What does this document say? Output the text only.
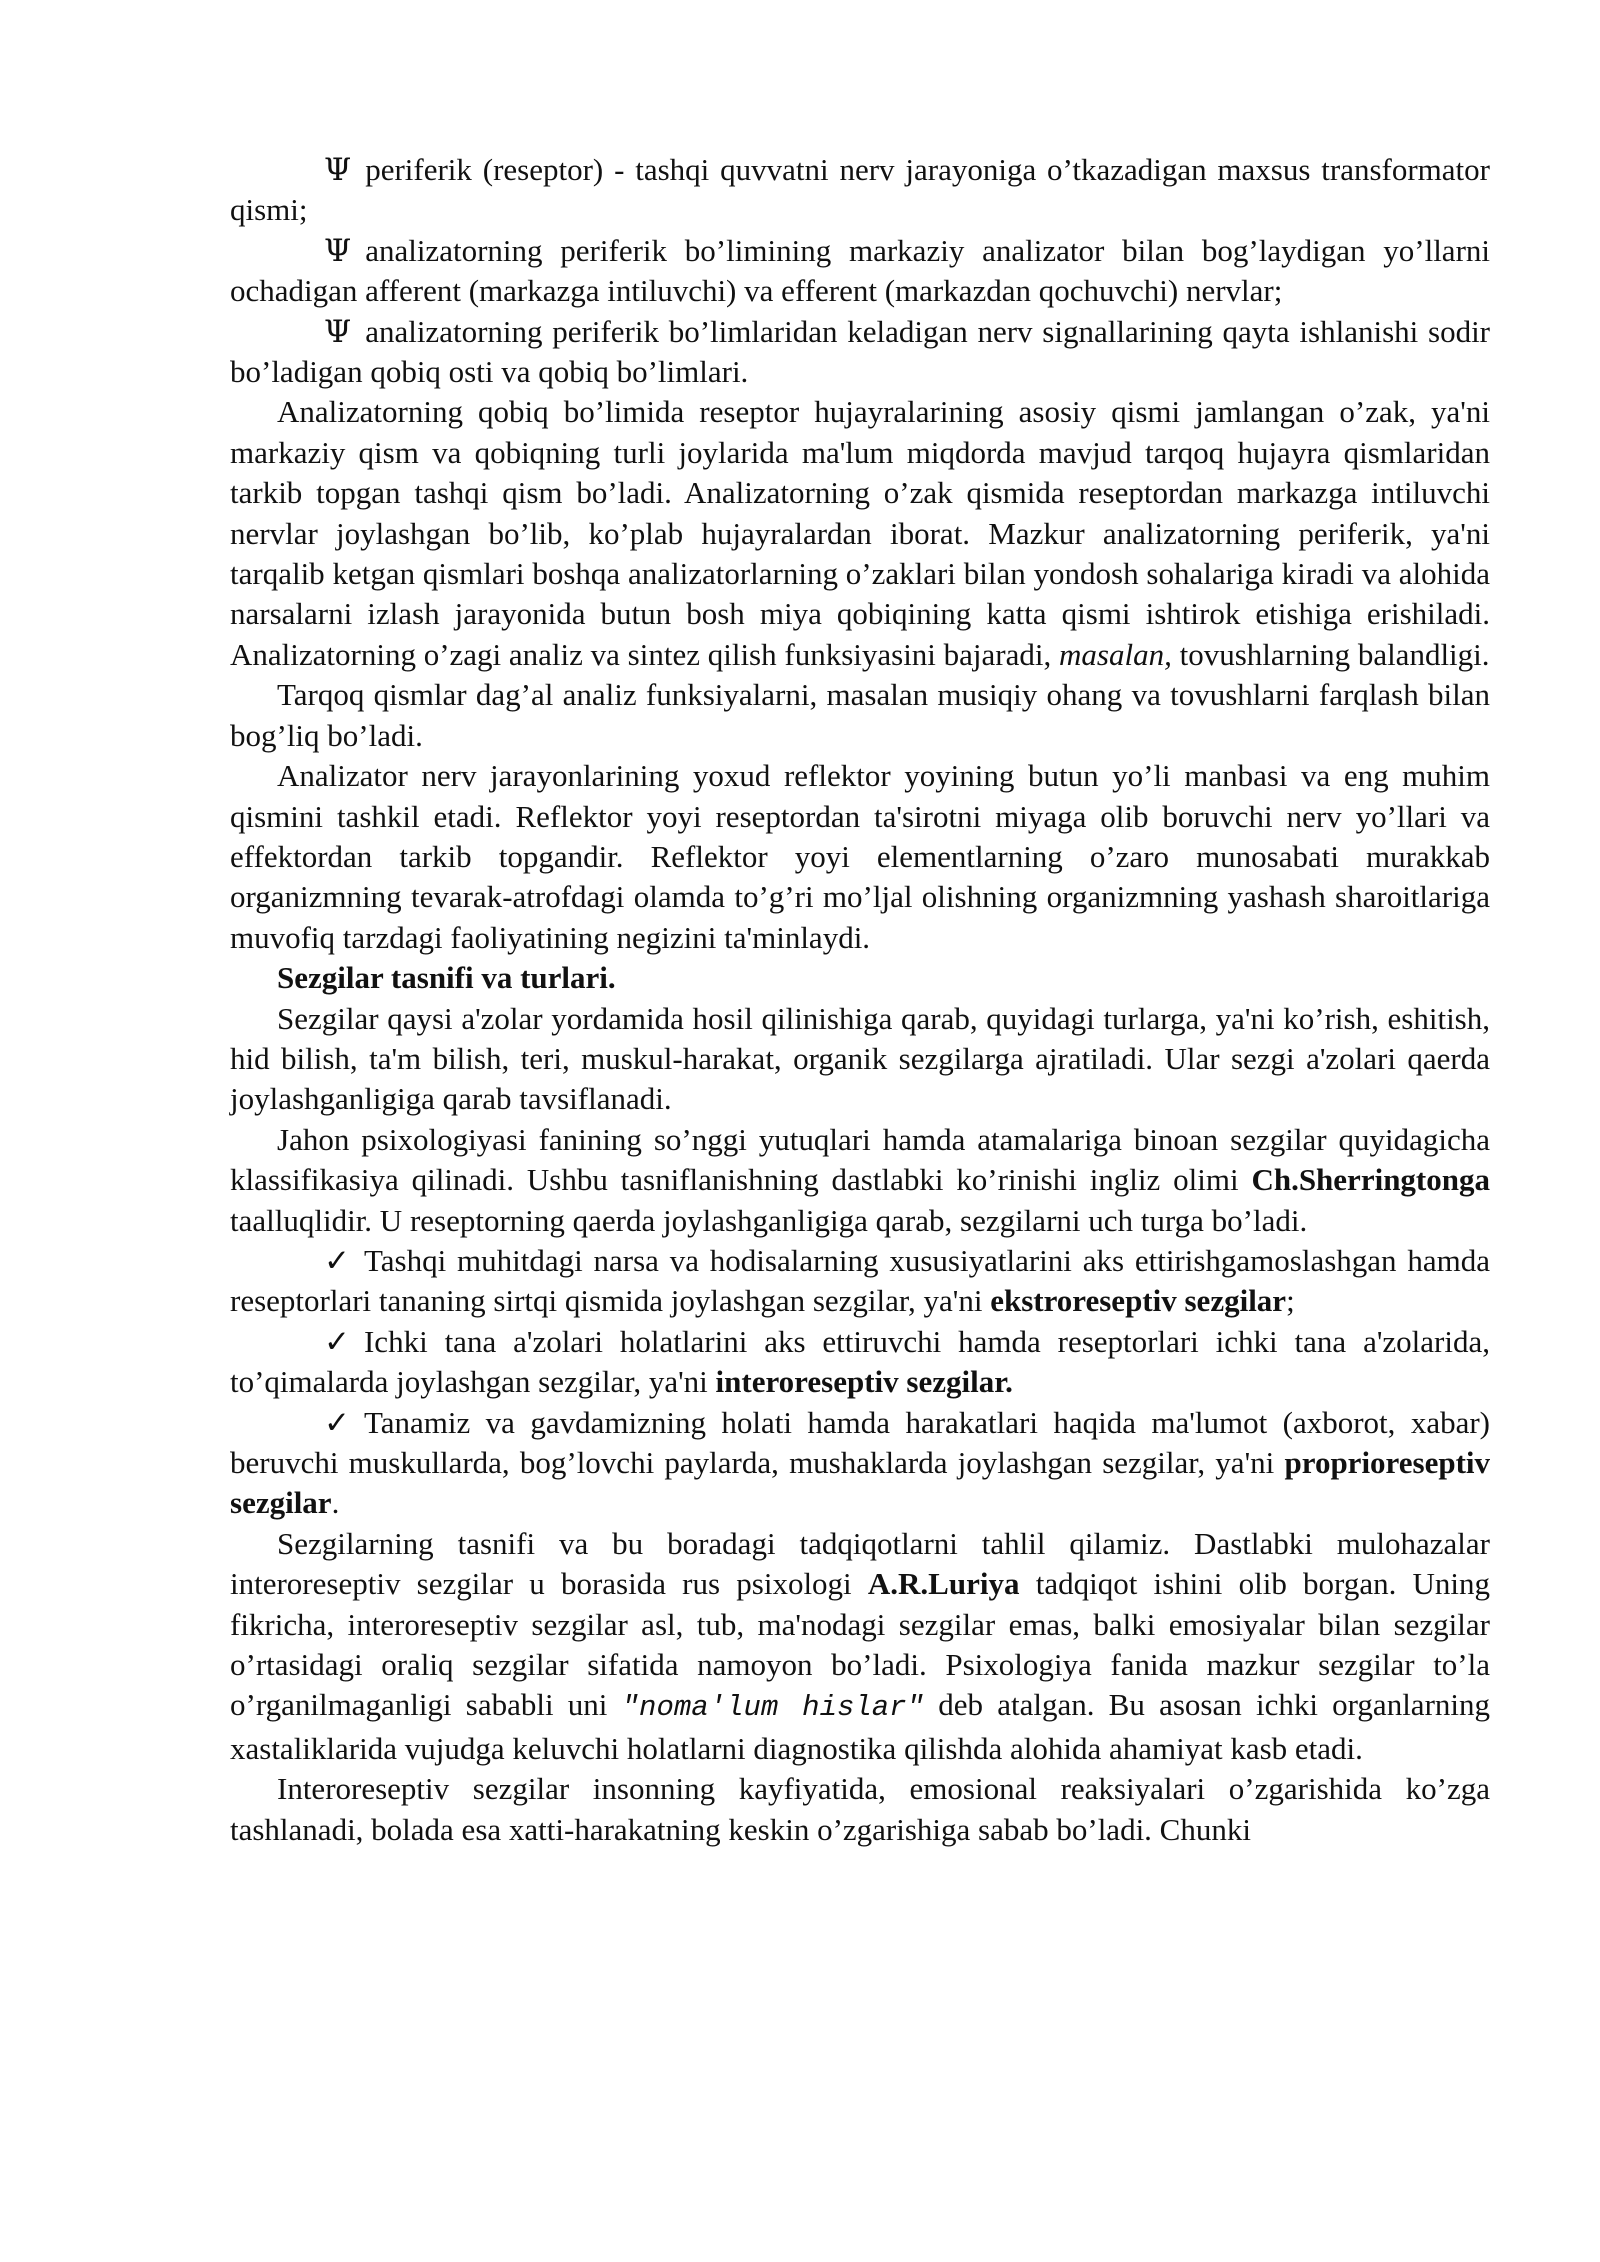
Ψ periferik (reseptor) - tashqi quvvatni nerv jarayoniga o’tkazadigan maxsus transformator qismi;

Ψ analizatorning periferik bo’limining markaziy analizator bilan bog’laydigan yo’llarni ochadigan afferent (markazga intiluvchi) va efferent (markazdan qochuvchi) nervlar;

Ψ analizatorning periferik bo’limlaridan keladigan nerv signallarining qayta ishlanishi sodir bo’ladigan qobiq osti va qobiq bo’limlari.

Analizatorning qobiq bo’limida reseptor hujayralarining asosiy qismi jamlangan o’zak, ya'ni markaziy qism va qobiqning turli joylarida ma'lum miqdorda mavjud tarqoq hujayra qismlaridan tarkib topgan tashqi qism bo’ladi. Analizatorning o’zak qismida reseptordan markazga intiluvchi nervlar joylashgan bo’lib, ko’plab hujayralardan iborat. Mazkur analizatorning periferik, ya'ni tarqalib ketgan qismlari boshqa analizatorlarning o’zaklari bilan yondosh sohalariga kiradi va alohida narsalarni izlash jarayonida butun bosh miya qobiqining katta qismi ishtirok etishiga erishiladi. Analizatorning o’zagi analiz va sintez qilish funksiyasini bajaradi, masalan, tovushlarning balandligi.

Tarqoq qismlar dag’al analiz funksiyalarni, masalan musiqiy ohang va tovushlarni farqlash bilan bog’liq bo’ladi.

Analizator nerv jarayonlarining yoxud reflektor yoyining butun yo’li manbasi va eng muhim qismini tashkil etadi. Reflektor yoyi reseptordan ta'sirotni miyaga olib boruvchi nerv yo’llari va effektordan tarkib topgandir. Reflektor yoyi elementlarning o’zaro munosabati murakkab organizmning tevarak-atrofdagi olamda to’g’ri mo’ljal olishning organizmning yashash sharoitlariga muvofiq tarzdagi faoliyatining negizini ta'minlaydi.

Sezgilar tasnifi va turlari.

Sezgilar qaysi a'zolar yordamida hosil qilinishiga qarab, quyidagi turlarga, ya'ni ko’rish, eshitish, hid bilish, ta'm bilish, teri, muskul-harakat, organik sezgilarga ajratiladi. Ular sezgi a'zolari qaerda joylashganligiga qarab tavsiflanadi.

Jahon psixologiyasi fanining so’nggi yutuqlari hamda atamalariga binoan sezgilar quyidagicha klassifikasiya qilinadi. Ushbu tasniflanishning dastlabki ko’rinishi ingliz olimi Ch.Sherringtonga taalluqlidir. U reseptorning qaerda joylashganligiga qarab, sezgilarni uch turga bo’ladi.

✓ Tashqi muhitdagi narsa va hodisalarning xususiyatlarini aks ettirishgamoslashgan hamda reseptorlari tananing sirtqi qismida joylashgan sezgilar, ya'ni ekstroreseptiv sezgilar;

✓ Ichki tana a'zolari holatlarini aks ettiruvchi hamda reseptorlari ichki tana a'zolarida, to’qimalarda joylashgan sezgilar, ya'ni interoreseptiv sezgilar.

✓ Tanamiz va gavdamizning holati hamda harakatlari haqida ma'lumot (axborot, xabar) beruvchi muskullarda, bog’lovchi paylarda, mushaklarda joylashgan sezgilar, ya'ni proprioreseptiv sezgilar.

Sezgilarning tasnifi va bu boradagi tadqiqotlarni tahlil qilamiz. Dastlabki mulohazalar interoreseptiv sezgilar u borasida rus psixologi A.R.Luriya tadqiqot ishini olib borgan. Uning fikricha, interoreseptiv sezgilar asl, tub, ma'nodagi sezgilar emas, balki emosiyalar bilan sezgilar o’rtasidagi oraliq sezgilar sifatida namoyon bo’ladi. Psixologiya fanida mazkur sezgilar to’la o’rganilmaganligi sababli uni "noma'lum hislar" deb atalgan. Bu asosan ichki organlarning xastaliklarida vujudga keluvchi holatlarni diagnostika qilishda alohida ahamiyat kasb etadi.

Interoreseptiv sezgilar insonning kayfiyatida, emosional reaksiyalari o’zgarishida ko’zga tashlanadi, bolada esa xatti-harakatning keskin o’zgarishiga sabab bo’ladi. Chunki
